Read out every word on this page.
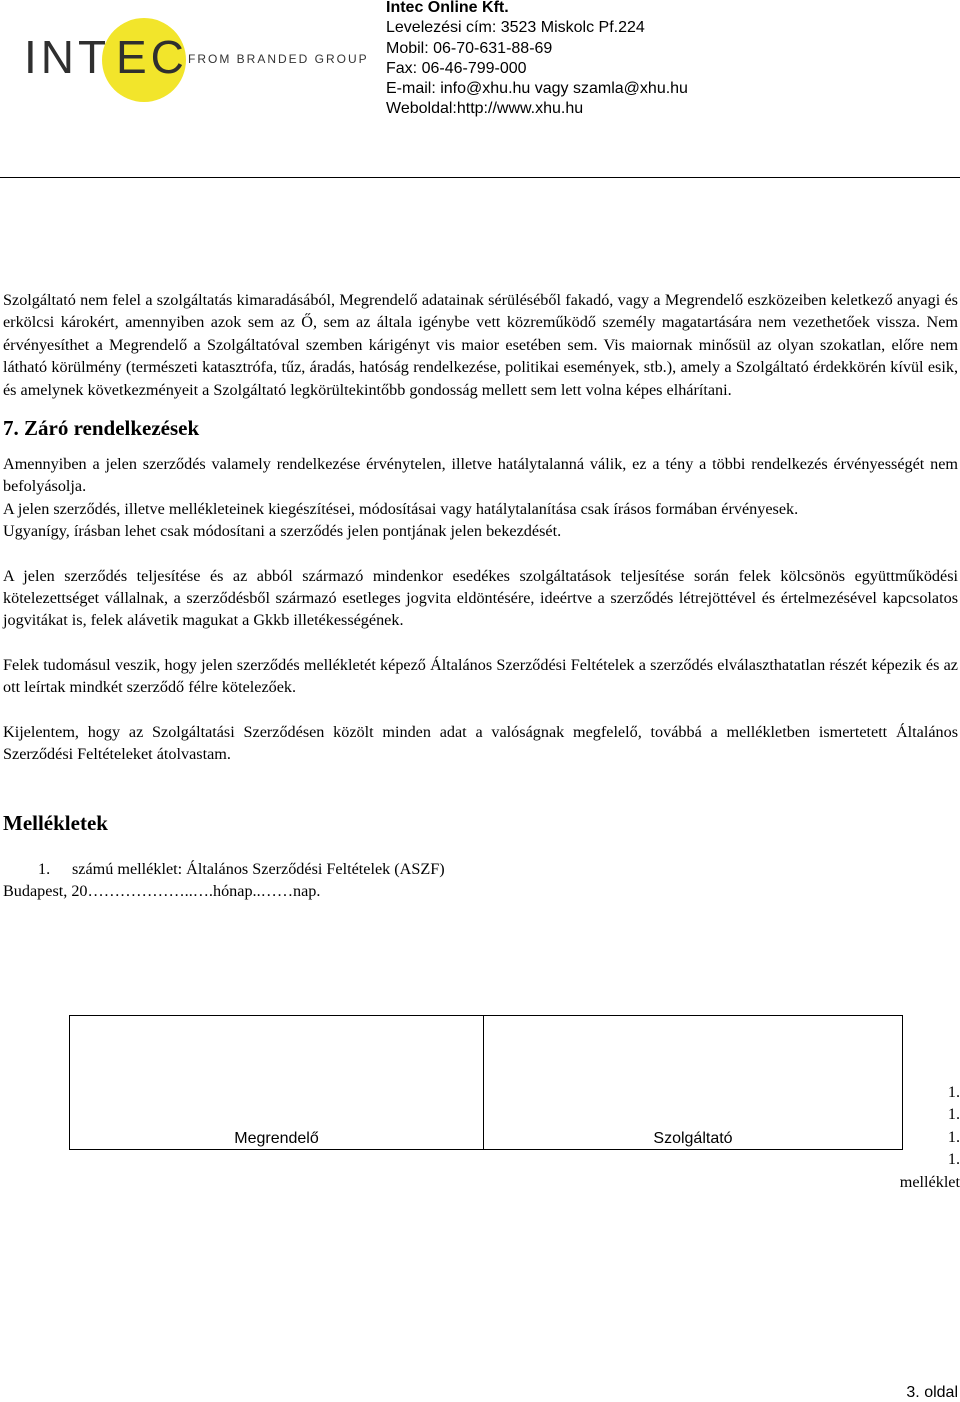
INT EC FROM BRANDED GROUP
Intec Online Kft.
Levelezési cím: 3523 Miskolc Pf.224
Mobil: 06-70-631-88-69
Fax: 06-46-799-000
E-mail: info@xhu.hu vagy szamla@xhu.hu
Weboldal:http://www.xhu.hu

Szolgáltató nem felel a szolgáltatás kimaradásából, Megrendelő adatainak sérüléséből fakadó, vagy a Megrendelő eszközeiben keletkező anyagi és erkölcsi károkért, amennyiben azok sem az Ő, sem az általa igénybe vett közreműködő személy magatartására nem vezethetőek vissza. Nem érvényesíthet a Megrendelő a Szolgáltatóval szemben kárigényt vis maior esetében sem. Vis maiornak minősül az olyan szokatlan, előre nem látható körülmény (természeti katasztrófa, tűz, áradás, hatóság rendelkezése, politikai események, stb.), amely a Szolgáltató érdekkörén kívül esik, és amelynek következményeit a Szolgáltató legkörültekintőbb gondosság mellett sem lett volna képes elhárítani.

7. Záró rendelkezések

Amennyiben a jelen szerződés valamely rendelkezése érvénytelen, illetve hatálytalanná válik, ez a tény a többi rendelkezés érvényességét nem befolyásolja.

A jelen szerződés, illetve mellékleteinek kiegészítései, módosításai vagy hatálytalanítása csak írásos formában érvényesek.

Ugyanígy, írásban lehet csak módosítani a szerződés jelen pontjának jelen bekezdését.

A jelen szerződés teljesítése és az abból származó mindenkor esedékes szolgáltatások teljesítése során felek kölcsönös együttműködési kötelezettséget vállalnak, a szerződésből származó esetleges jogvita eldöntésére, ideértve a szerződés létrejöttével és értelmezésével kapcsolatos jogvitákat is, felek alávetik magukat a Gkkb illetékességének.

Felek tudomásul veszik, hogy jelen szerződés mellékletét képező Általános Szerződési Feltételek a szerződés elválaszthatatlan részét képezik és az ott leírtak mindkét szerződő félre kötelezőek.

Kijelentem, hogy az Szolgáltatási Szerződésen közölt minden adat a valóságnak megfelelő, továbbá a mellékletben ismertetett Általános Szerződési Feltételeket átolvastam.

Mellékletek
1. számú melléklet: Általános Szerződési Feltételek (ASZF)

Budapest, 20………………..….hónap..……nap.

Megrendelő	Szolgáltató
1.
1.
1.
1.
melléklet
3. oldal
